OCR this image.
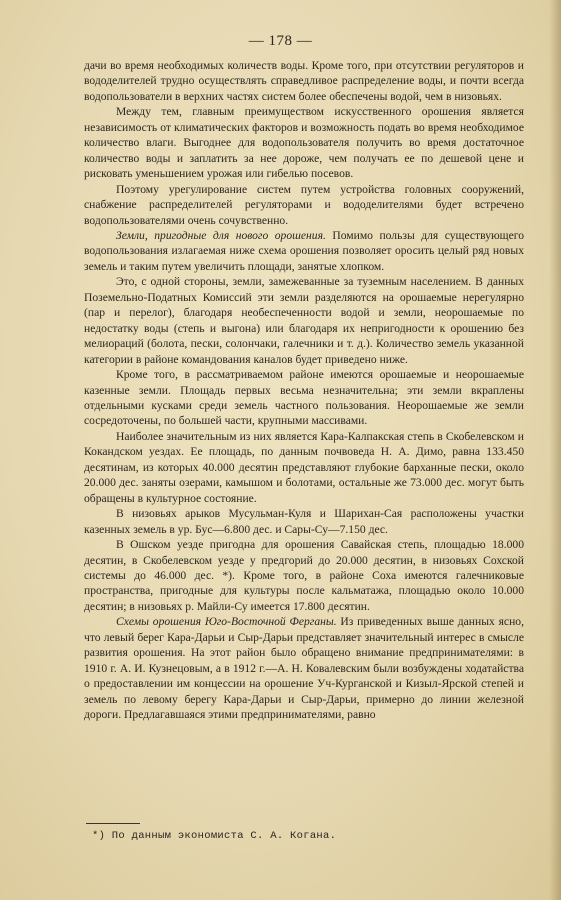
— 178 —

дачи во время необходимых количеств воды. Кроме того, при отсутствии регуляторов и вододелителей трудно осуществлять справедливое распределение воды, и почти всегда водопользователи в верхних частях систем более обеспечены водой, чем в низовьях.

Между тем, главным преимуществом искусственного орошения является независимость от климатических факторов и возможность подать во время необходимое количество влаги. Выгоднее для водопользователя получить во время достаточное количество воды и заплатить за нее дороже, чем получать ее по дешевой цене и рисковать уменьшением урожая или гибелью посевов.

Поэтому урегулирование систем путем устройства головных сооружений, снабжение распределителей регуляторами и вододелителями будет встречено водопользователями очень сочувственно.

Земли, пригодные для нового орошения. Помимо пользы для существующего водопользования излагаемая ниже схема орошения позволяет оросить целый ряд новых земель и таким путем увеличить площади, занятые хлопком.

Это, с одной стороны, земли, замежеванные за туземным населением. В данных Поземельно-Податных Комиссий эти земли разделяются на орошаемые нерегулярно (пар и перелог), благодаря необеспеченности водой и земли, неорошаемые по недостатку воды (степь и выгона) или благодаря их непригодности к орошению без мелиораций (болота, пески, солончаки, галечники и т. д.). Количество земель указанной категории в районе командования каналов будет приведено ниже.

Кроме того, в рассматриваемом районе имеются орошаемые и неорошаемые казенные земли. Площадь первых весьма незначительна; эти земли вкраплены отдельными кусками среди земель частного пользования. Неорошаемые же земли сосредоточены, по большей части, крупными массивами.

Наиболее значительным из них является Кара-Калпакская степь в Скобелевском и Кокандском уездах. Ее площадь, по данным почвоведа Н. А. Димо, равна 133.450 десятинам, из которых 40.000 десятин представляют глубокие барханные пески, около 20.000 дес. заняты озерами, камышом и болотами, остальные же 73.000 дес. могут быть обращены в культурное состояние.

В низовьях арыков Мусульман-Куля и Шарихан-Сая расположены участки казенных земель в ур. Бус—6.800 дес. и Сары-Су—7.150 дес.

В Ошском уезде пригодна для орошения Савайская степь, площадью 18.000 десятин, в Скобелевском уезде у предгорий до 20.000 десятин, в низовьях Сохской системы до 46.000 дес. *). Кроме того, в районе Соха имеются галечниковые пространства, пригодные для культуры после кальматажа, площадью около 10.000 десятин; в низовьях р. Майли-Су имеется 17.800 десятин.

Схемы орошения Юго-Восточной Ферганы. Из приведенных выше данных ясно, что левый берег Кара-Дарьи и Сыр-Дарьи представляет значительный интерес в смысле развития орошения. На этот район было обращено внимание предпринимателями: в 1910 г. А. И. Кузнецовым, а в 1912 г.—А. Н. Ковалевским были возбуждены ходатайства о предоставлении им концессии на орошение Уч-Курганской и Кизыл-Ярской степей и земель по левому берегу Кара-Дарьи и Сыр-Дарьи, примерно до линии железной дороги. Предлагавшаяся этими предпринимателями, равно

*) По данным экономиста С. А. Когана.
